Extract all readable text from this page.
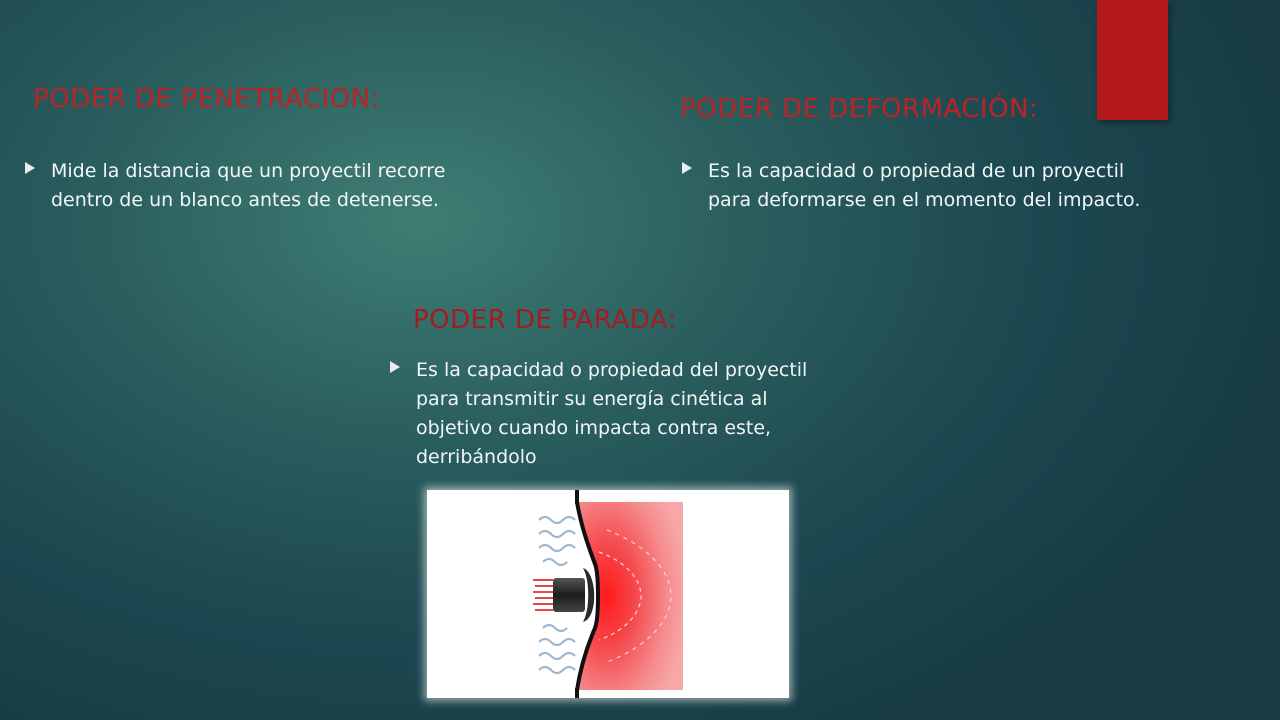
PODER DE PENETRACION:

Mide la distancia que un proyectil recorre dentro de un blanco antes de detenerse.

PODER DE DEFORMACIÓN:

Es la capacidad o propiedad de un proyectil para deformarse en el momento del impacto.

PODER DE PARADA:

Es la capacidad o propiedad del proyectil para transmitir su energía cinética al objetivo cuando impacta contra este, derribándolo
